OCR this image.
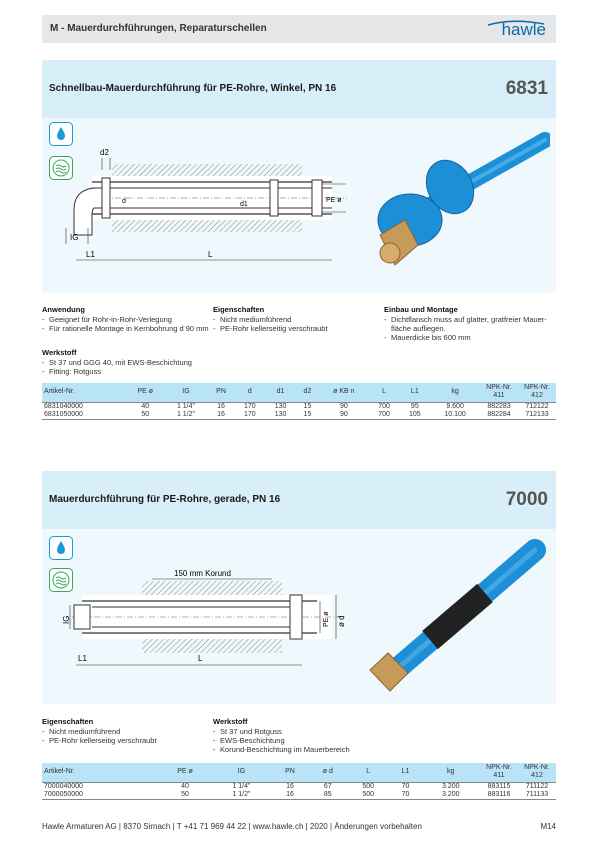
M - Mauerdurchführungen, Reparaturschellen	hawle
Schnellbau-Mauerdurchführung für PE-Rohre, Winkel, PN 16	6831
d2
d	d1
PE ø
IG
L1	L
Anwendung
- Geeignet für Rohr-in-Rohr-Verlegung
- Für rationelle Montage in Kernbohrung d 90 mm
Eigenschaften
- Nicht mediumführend
- PE-Rohr kellerseitig verschraubt
Einbau und Montage
- Dichtflansch muss auf glatter, gratfreier Mauer-fläche aufliegen.
- Mauerdicke bis 600 mm
Werkstoff
- St 37 und GGG 40, mit EWS-Beschichtung
- Fitting: Rotguss
Artikel-Nr.	PE ø	IG	PN	d	d1	d2	ø KB n	L	L1	kg	NPK-Nr. 411	NPK-Nr. 412
6831040000	40	1 1/4"	16	170	130	15	90	700	95	9.600	882283	712122
6831050000	50	1 1/2"	16	170	130	15	90	700	105	10.100	882284	712133
Mauerdurchführung für PE-Rohre, gerade, PN 16	7000
150 mm Korund
IG	PE ø ø d
L1	L
Eigenschaften
- Nicht mediumführend
- PE-Rohr kellerseitig verschraubt
Werkstoff
- St 37 und Rotguss
- EWS-Beschichtung
- Korund-Beschichtung im Mauerbereich
Artikel-Nr.	PE ø	IG	PN	ø d	L	L1	kg	NPK-Nr. 411	NPK-Nr. 412
7000040000	40	1 1/4"	16	67	500	70	3.200	883115	711122
7000050000	50	1 1/2"	16	85	500	70	3.200	883116	711133
Hawle Armaturen AG | 8370 Sirnach | T +41 71 969 44 22 | www.hawle.ch | 2020 | Änderungen vorbehalten	M14
